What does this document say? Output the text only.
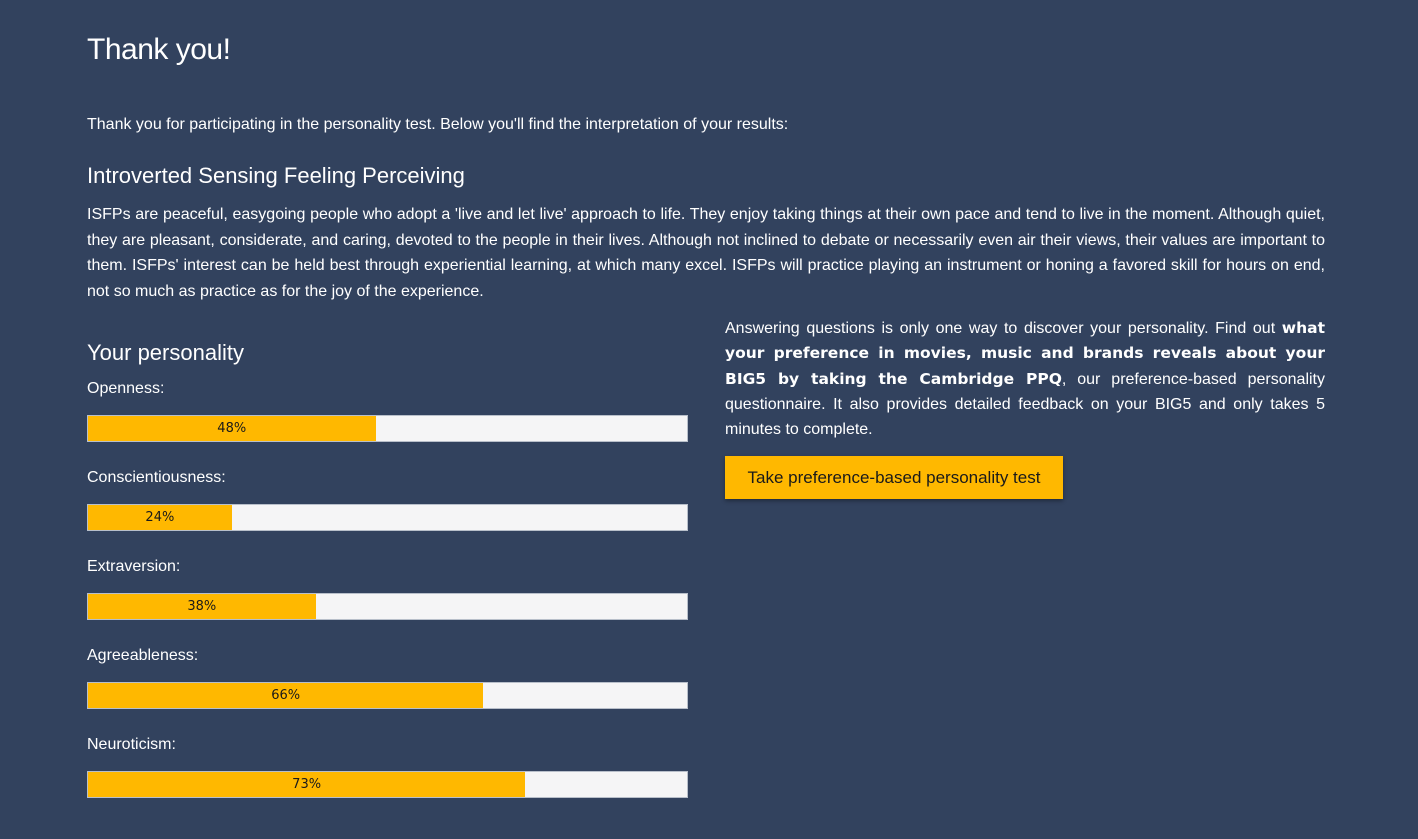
Thank you!

Thank you for participating in the personality test. Below you'll find the interpretation of your results:

Introverted Sensing Feeling Perceiving

ISFPs are peaceful, easygoing people who adopt a 'live and let live' approach to life. They enjoy taking things at their own pace and tend to live in the moment. Although quiet, they are pleasant, considerate, and caring, devoted to the people in their lives. Although not inclined to debate or necessarily even air their views, their values are important to them. ISFPs' interest can be held best through experiential learning, at which many excel. ISFPs will practice playing an instrument or honing a favored skill for hours on end, not so much as practice as for the joy of the experience.

Your personality
Openness:
48%
Conscientiousness:
24%
Extraversion:
38%
Agreeableness:
66%
Neuroticism:
73%

Answering questions is only one way to discover your personality. Find out what your preference in movies, music and brands reveals about your BIG5 by taking the Cambridge PPQ, our preference-based personality questionnaire. It also provides detailed feedback on your BIG5 and only takes 5 minutes to complete.

Take preference-based personality test
